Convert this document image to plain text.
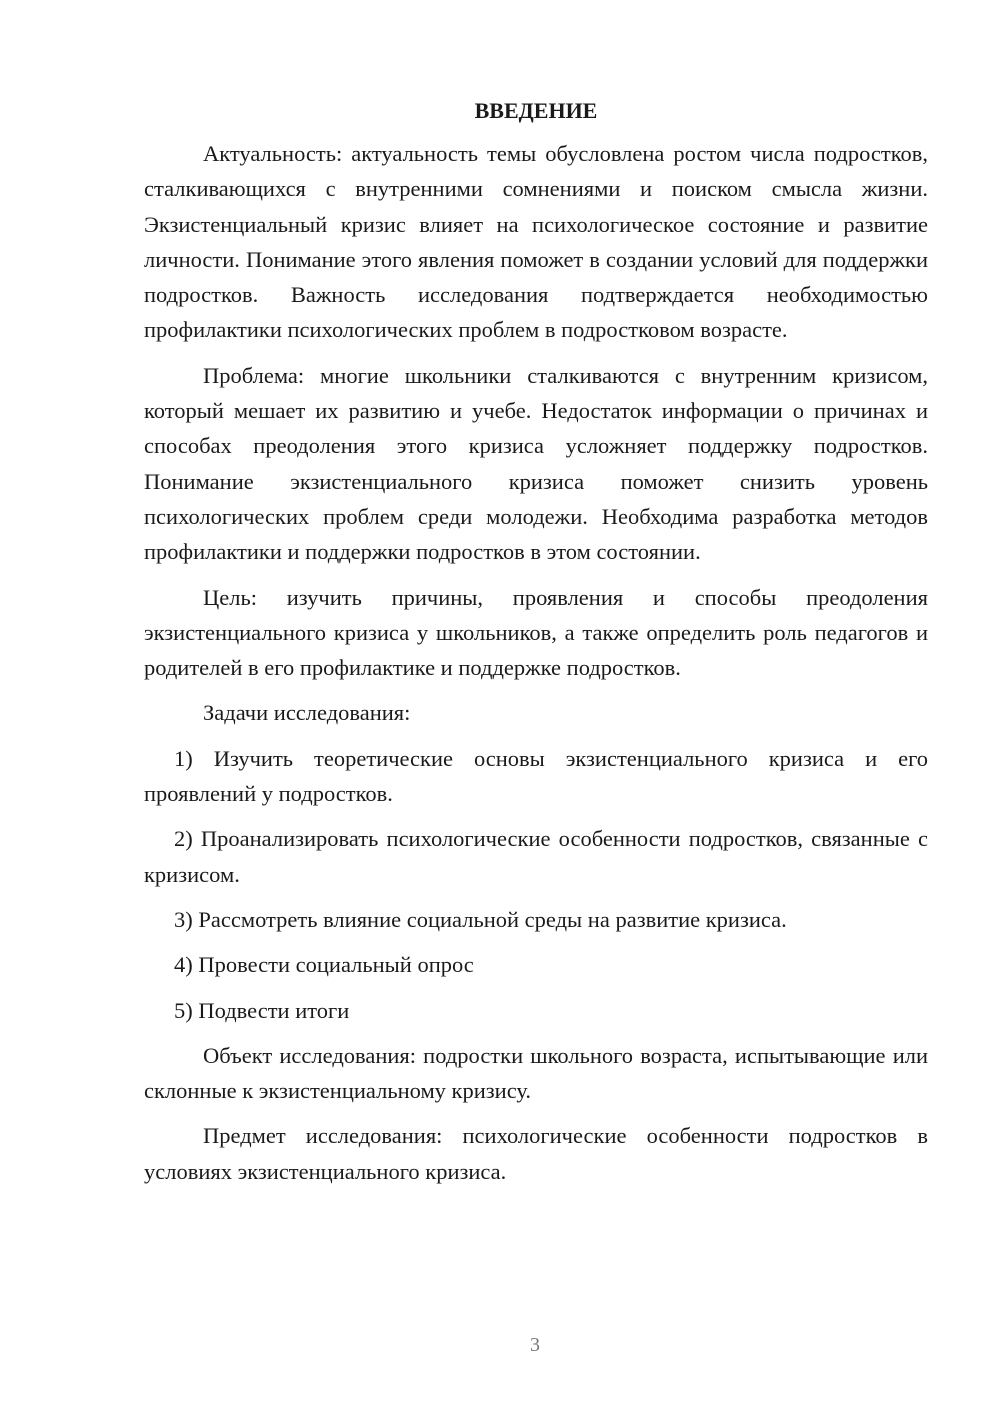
ВВЕДЕНИЕ

Актуальность: актуальность темы обусловлена ростом числа подростков, сталкивающихся с внутренними сомнениями и поиском смысла жизни. Экзистенциальный кризис влияет на психологическое состояние и развитие личности. Понимание этого явления поможет в создании условий для поддержки подростков. Важность исследования подтверждается необходимостью профилактики психологических проблем в подростковом возрасте.

Проблема: многие школьники сталкиваются с внутренним кризисом, который мешает их развитию и учебе. Недостаток информации о причинах и способах преодоления этого кризиса усложняет поддержку подростков. Понимание экзистенциального кризиса поможет снизить уровень психологических проблем среди молодежи. Необходима разработка методов профилактики и поддержки подростков в этом состоянии.

Цель: изучить причины, проявления и способы преодоления экзистенциального кризиса у школьников, а также определить роль педагогов и родителей в его профилактике и поддержке подростков.

Задачи исследования:

1) Изучить теоретические основы экзистенциального кризиса и его проявлений у подростков.

2) Проанализировать психологические особенности подростков, связанные с кризисом.

3) Рассмотреть влияние социальной среды на развитие кризиса.

4) Провести социальный опрос

5) Подвести итоги

Объект исследования: подростки школьного возраста, испытывающие или склонные к экзистенциальному кризису.

Предмет исследования: психологические особенности подростков в условиях экзистенциального кризиса.

3
